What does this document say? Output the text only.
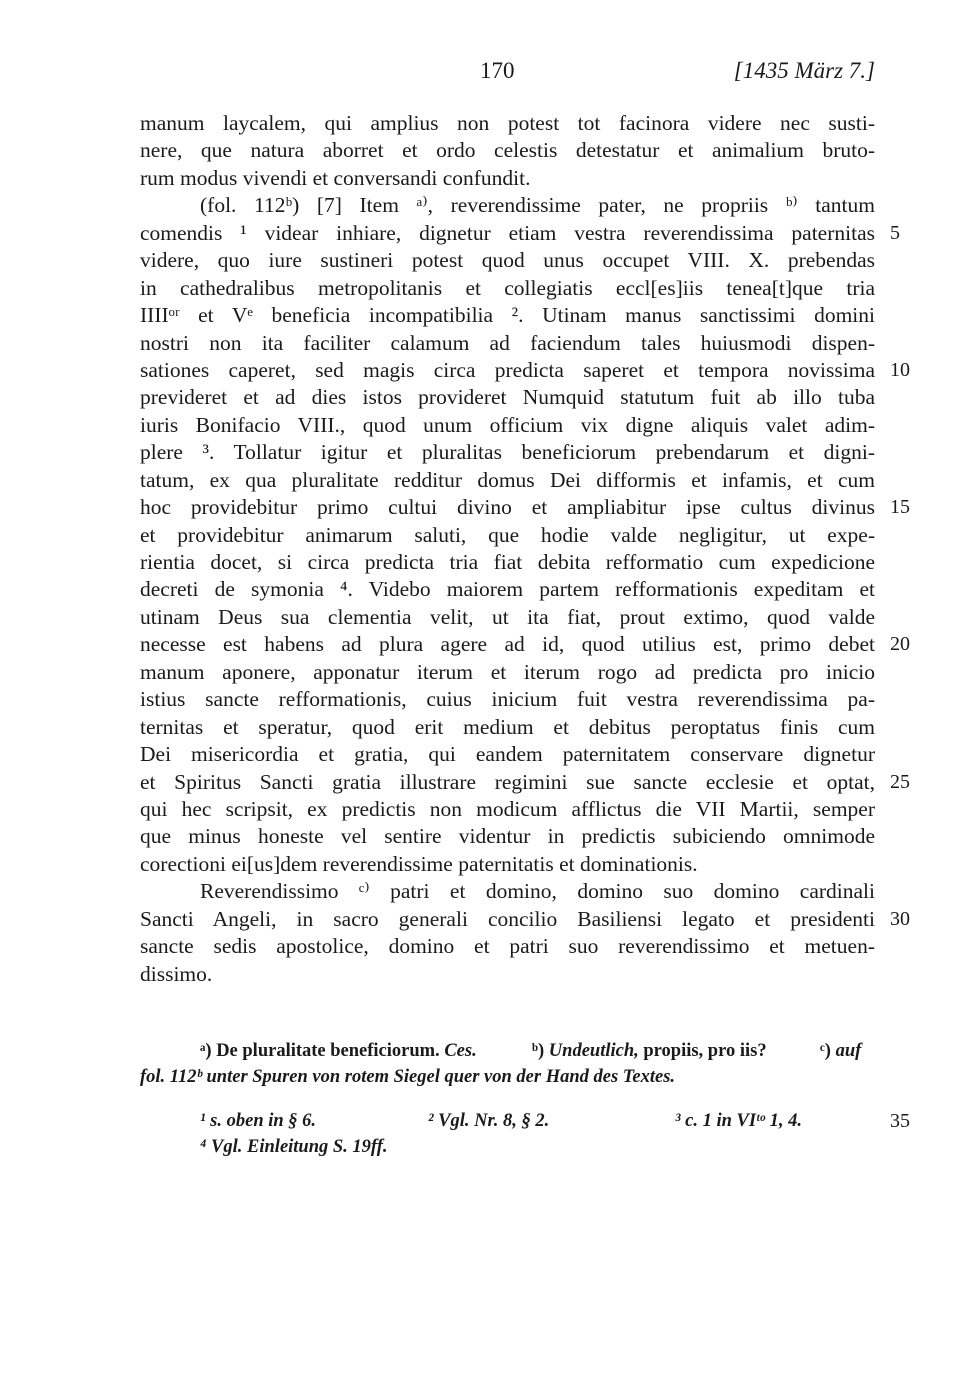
170	[1435 März 7.]
manum laycalem, qui amplius non potest tot facinora videre nec susti-
nere, que natura aborret et ordo celestis detestatur et animalium bruto-
rum modus vivendi et conversandi confundit.
(fol. 112ᵇ) [7] Item ᵃ⁾, reverendissime pater, ne propriis ᵇ⁾ tantum
comendis ¹ videar inhiare, dignetur etiam vestra reverendissima paternitas 5
videre, quo iure sustineri potest quod unus occupet VIII. X. prebendas
in cathedralibus metropolitanis et collegiatis eccl[es]iis tenea[t]que tria
IIIIᵒʳ et Vᵉ beneficia incompatibilia ². Utinam manus sanctissimi domini
nostri non ita faciliter calamum ad faciendum tales huiusmodi dispen-
sationes caperet, sed magis circa predicta saperet et tempora novissima 10
previderet et ad dies istos provideret Numquid statutum fuit ab illo tuba
iuris Bonifacio VIII., quod unum officium vix digne aliquis valet adim-
plere ³. Tollatur igitur et pluralitas beneficiorum prebendarum et digni-
tatum, ex qua pluralitate redditur domus Dei difformis et infamis, et cum
hoc providebitur primo cultui divino et ampliabitur ipse cultus divinus 15
et providebitur animarum saluti, que hodie valde negligitur, ut expe-
rientia docet, si circa predicta tria fiat debita refformatio cum expedicione
decreti de symonia ⁴. Videbo maiorem partem refformationis expeditam et
utinam Deus sua clementia velit, ut ita fiat, prout extimo, quod valde
necesse est habens ad plura agere ad id, quod utilius est, primo debet 20
manum aponere, apponatur iterum et iterum rogo ad predicta pro inicio
istius sancte refformationis, cuius inicium fuit vestra reverendissima pa-
ternitas et speratur, quod erit medium et debitus peroptatus finis cum
Dei misericordia et gratia, qui eandem paternitatem conservare dignetur
et Spiritus Sancti gratia illustrare regimini sue sancte ecclesie et optat, 25
qui hec scripsit, ex predictis non modicum afflictus die VII Martii, semper
que minus honeste vel sentire videntur in predictis subiciendo omnimode
corectioni ei[us]dem reverendissime paternitatis et dominationis.
Reverendissimo ᶜ⁾ patri et domino, domino suo domino cardinali
Sancti Angeli, in sacro generali concilio Basiliensi legato et presidenti 30
sancte sedis apostolice, domino et patri suo reverendissimo et metuen-
dissimo.
ᵃ) De pluralitate beneficiorum. Ces.	ᵇ) Undeutlich, propiis, pro iis?	ᶜ) auf
fol. 112ᵇ unter Spuren von rotem Siegel quer von der Hand des Textes.
¹ s. oben in § 6.	² Vgl. Nr. 8, § 2.	³ c. 1 in VIᵗᵒ 1, 4.	35
⁴ Vgl. Einleitung S. 19ff.
